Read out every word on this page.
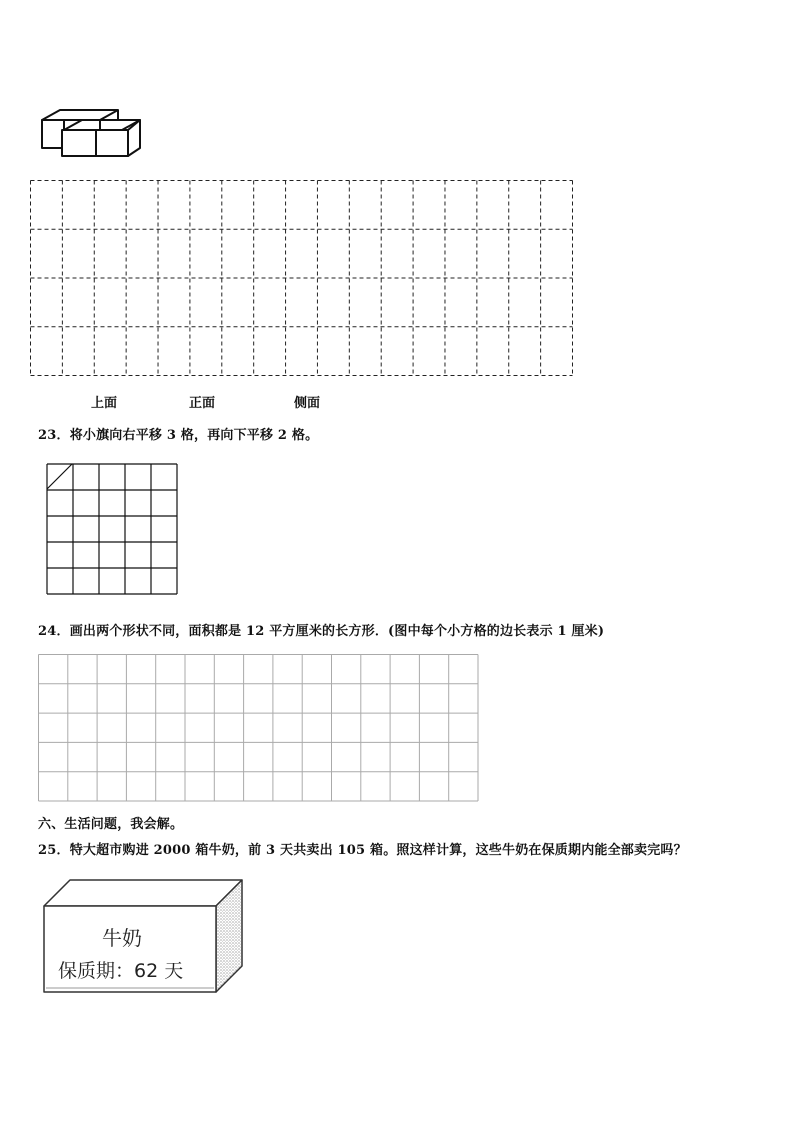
上面	正面	侧面
23．将小旗向右平移 3 格，再向下平移 2 格。
24．画出两个形状不同，面积都是 12 平方厘米的长方形．(图中每个小方格的边长表示 1 厘米)
六、生活问题，我会解。
25．特大超市购进 2000 箱牛奶，前 3 天共卖出 105 箱。照这样计算，这些牛奶在保质期内能全部卖完吗？
牛奶
保质期：62 天
